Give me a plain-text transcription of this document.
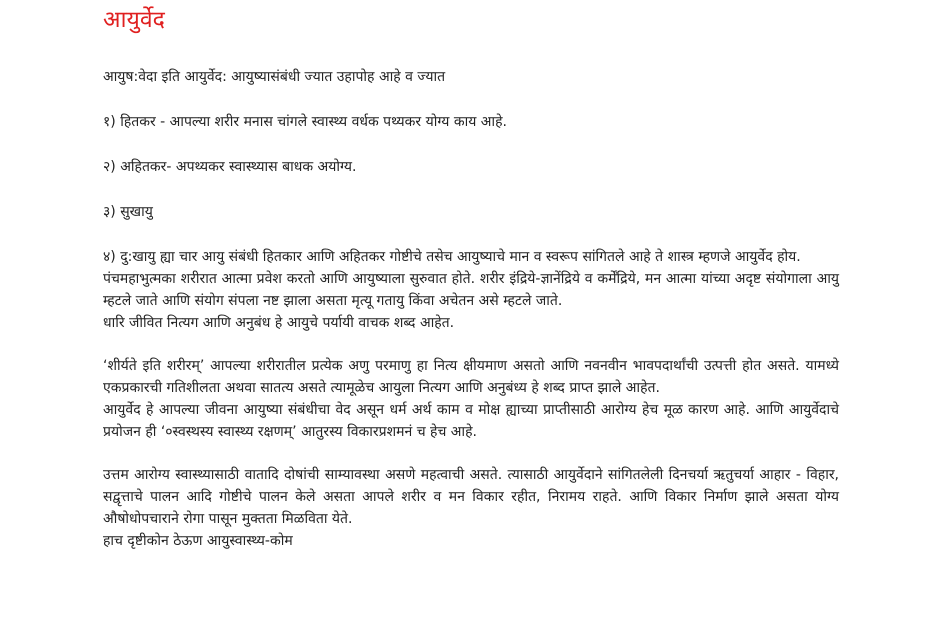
आयुर्वेद

आयुष:वेदा इति आयुर्वेद: आयुष्यासंबंधी ज्यात उहापोह आहे व ज्यात

१) हितकर - आपल्या शरीर मनास चांगले स्वास्थ्य वर्धक पथ्यकर योग्य काय आहे.

२) अहितकर- अपथ्यकर स्वास्थ्यास बाधक अयोग्य.

३) सुखायु

४) दु:खायु ह्या चार आयु संबंधी हितकार आणि अहितकर गोष्टीचे तसेच आयुष्याचे मान व स्वरूप सांगितले आहे ते शास्त्र म्हणजे आयुर्वेद होय.

पंचमहाभुत्मका शरीरात आत्मा प्रवेश करतो आणि आयुष्याला सुरुवात होते. शरीर इंद्रिये-ज्ञानेंद्रिये व कर्मेंद्रिये, मन आत्मा यांच्या अदृष्ट संयोगाला आयु म्हटले जाते आणि संयोग संपला नष्ट झाला असता मृत्यू गतायु किंवा अचेतन असे म्हटले जाते.

धारि जीवित नित्यग आणि अनुबंध हे आयुचे पर्यायी वाचक शब्द आहेत.

‘शीर्यते इति शरीरम्’ आपल्या शरीरातील प्रत्येक अणु परमाणु हा नित्य क्षीयमाण असतो आणि नवनवीन भावपदार्थांची उत्पत्ती होत असते. यामध्ये एकप्रकारची गतिशीलता अथवा सातत्य असते त्यामूळेच आयुला नित्यग आणि अनुबंध्य हे शब्द प्राप्त झाले आहेत.

आयुर्वेद हे आपल्या जीवना आयुष्या संबंधीचा वेद असून धर्म अर्थ काम व मोक्ष ह्याच्या प्राप्तीसाठी आरोग्य हेच मूळ कारण आहे. आणि आयुर्वेदाचे प्रयोजन ही ‘०स्वस्थस्य स्वास्थ्य रक्षणम्’ आतुरस्य विकारप्रशमनं च हेच आहे.

उत्तम आरोग्य स्वास्थ्यासाठी वातादि दोषांची साम्यावस्था असणे महत्वाची असते. त्यासाठी आयुर्वेदाने सांगितलेली दिनचर्या ऋतुचर्या आहार - विहार, सद्वृत्ताचे पालन आदि गोष्टीचे पालन केले असता आपले शरीर व मन विकार रहीत, निरामय राहते. आणि विकार निर्माण झाले असता योग्य औषोधोपचाराने रोगा पासून मुक्तता मिळविता येते.

हाच दृष्टीकोन ठेऊण आयुस्वास्थ्य-कोम
